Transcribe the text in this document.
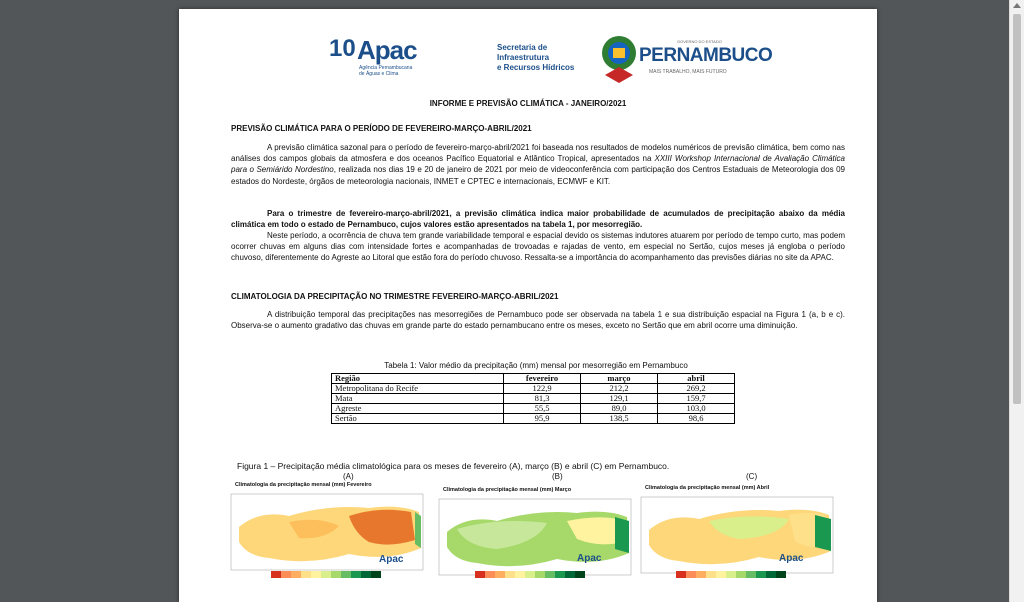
10 Apac
Agência Pernambucana de Águas e Clima
Secretaria de
Infraestrutura
e Recursos Hídricos
GOVERNO DO ESTADO
PERNAMBUCO
MAIS TRABALHO, MAIS FUTURO
INFORME E PREVISÃO CLIMÁTICA - JANEIRO/2021
PREVISÃO CLIMÁTICA PARA O PERÍODO DE FEVEREIRO-MARÇO-ABRIL/2021
A previsão climática sazonal para o período de fevereiro-março-abril/2021 foi baseada nos resultados de modelos numéricos de previsão climática, bem como nas análises dos campos globais da atmosfera e dos oceanos Pacífico Equatorial e Atlântico Tropical, apresentados na XXIII Workshop Internacional de Avaliação Climática para o Semiárido Nordestino, realizada nos dias 19 e 20 de janeiro de 2021 por meio de videoconferência com participação dos Centros Estaduais de Meteorologia dos 09 estados do Nordeste, órgãos de meteorologia nacionais, INMET e CPTEC e internacionais, ECMWF e KIT.
Para o trimestre de fevereiro-março-abril/2021, a previsão climática indica maior probabilidade de acumulados de precipitação abaixo da média climática em todo o estado de Pernambuco, cujos valores estão apresentados na tabela 1, por mesorregião.
Neste período, a ocorrência de chuva tem grande variabilidade temporal e espacial devido os sistemas indutores atuarem por período de tempo curto, mas podem ocorrer chuvas em alguns dias com intensidade fortes e acompanhadas de trovoadas e rajadas de vento, em especial no Sertão, cujos meses já engloba o período chuvoso, diferentemente do Agreste ao Litoral que estão fora do período chuvoso. Ressalta-se a importância do acompanhamento das previsões diárias no site da APAC.
CLIMATOLOGIA DA PRECIPITAÇÃO NO TRIMESTRE FEVEREIRO-MARÇO-ABRIL/2021
A distribuição temporal das precipitações nas mesorregiões de Pernambuco pode ser observada na tabela 1 e sua distribuição espacial na Figura 1 (a, b e c). Observa-se o aumento gradativo das chuvas em grande parte do estado pernambucano entre os meses, exceto no Sertão que em abril ocorre uma diminuição.
Tabela 1: Valor médio da precipitação (mm) mensal por mesorregião em Pernambuco
Região	fevereiro	março	abril
Metropolitana do Recife	122,9	212,2	269,2
Mata	81,3	129,1	159,7
Agreste	55,5	89,0	103,0
Sertão	95,9	138,5	98,6
Figura 1 – Precipitação média climatológica para os meses de fevereiro (A), março (B) e abril (C) em Pernambuco.
(A)	(B)	(C)
Climatologia da precipitação mensal (mm) Fevereiro
Apac
Climatologia da precipitação mensal (mm) Março
Apac
Climatologia da precipitação mensal (mm) Abril
Apac
